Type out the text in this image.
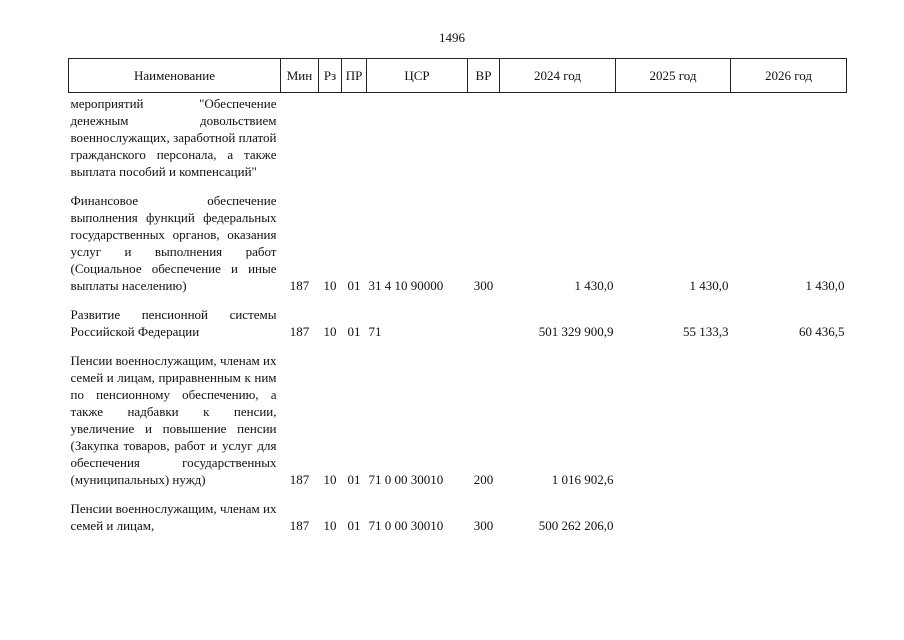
1496
Наименование	Мин	Рз	ПР	ЦСР	ВР	2024 год	2025 год	2026 год
мероприятий "Обеспечение денежным довольствием военнослужащих, заработной платой гражданского персонала, а также выплата пособий и компенсаций"								
Финансовое обеспечение выполнения функций федеральных государственных органов, оказания услуг и выполнения работ (Социальное обеспечение и иные выплаты населению)	187	10	01	31 4 10 90000	300	1 430,0	1 430,0	1 430,0
Развитие пенсионной системы Российской Федерации	187	10	01	71		501 329 900,9	55 133,3	60 436,5
Пенсии военнослужащим, членам их семей и лицам, приравненным к ним по пенсионному обеспечению, а также надбавки к пенсии, увеличение и повышение пенсии (Закупка товаров, работ и услуг для обеспечения государственных (муниципальных) нужд)	187	10	01	71 0 00 30010	200	1 016 902,6		
Пенсии военнослужащим, членам их семей и лицам,	187	10	01	71 0 00 30010	300	500 262 206,0		
